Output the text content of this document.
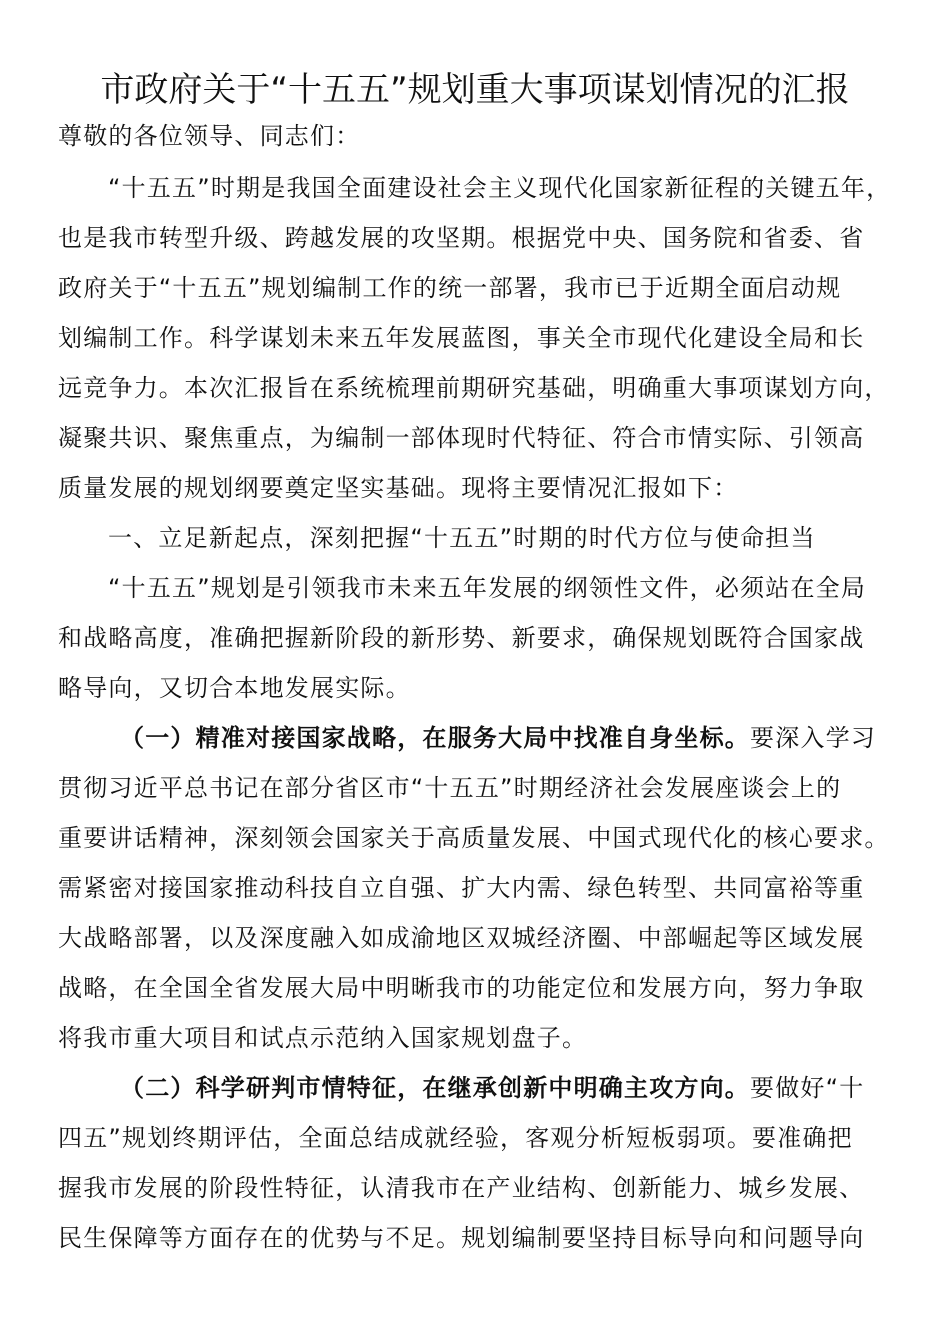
市政府关于“十五五”规划重大事项谋划情况的汇报
尊敬的各位领导、同志们：
“十五五”时期是我国全面建设社会主义现代化国家新征程的关键五年，
也是我市转型升级、跨越发展的攻坚期。根据党中央、国务院和省委、省
政府关于“十五五”规划编制工作的统一部署，我市已于近期全面启动规
划编制工作。科学谋划未来五年发展蓝图，事关全市现代化建设全局和长
远竞争力。本次汇报旨在系统梳理前期研究基础，明确重大事项谋划方向，
凝聚共识、聚焦重点，为编制一部体现时代特征、符合市情实际、引领高
质量发展的规划纲要奠定坚实基础。现将主要情况汇报如下：
一、立足新起点，深刻把握“十五五”时期的时代方位与使命担当
“十五五”规划是引领我市未来五年发展的纲领性文件，必须站在全局
和战略高度，准确把握新阶段的新形势、新要求，确保规划既符合国家战
略导向，又切合本地发展实际。
（一）精准对接国家战略，在服务大局中找准自身坐标。要深入学习
贯彻习近平总书记在部分省区市“十五五”时期经济社会发展座谈会上的
重要讲话精神，深刻领会国家关于高质量发展、中国式现代化的核心要求。
需紧密对接国家推动科技自立自强、扩大内需、绿色转型、共同富裕等重
大战略部署，以及深度融入如成渝地区双城经济圈、中部崛起等区域发展
战略，在全国全省发展大局中明晰我市的功能定位和发展方向，努力争取
将我市重大项目和试点示范纳入国家规划盘子。
（二）科学研判市情特征，在继承创新中明确主攻方向。要做好“十
四五”规划终期评估，全面总结成就经验，客观分析短板弱项。要准确把
握我市发展的阶段性特征，认清我市在产业结构、创新能力、城乡发展、
民生保障等方面存在的优势与不足。规划编制要坚持目标导向和问题导向
